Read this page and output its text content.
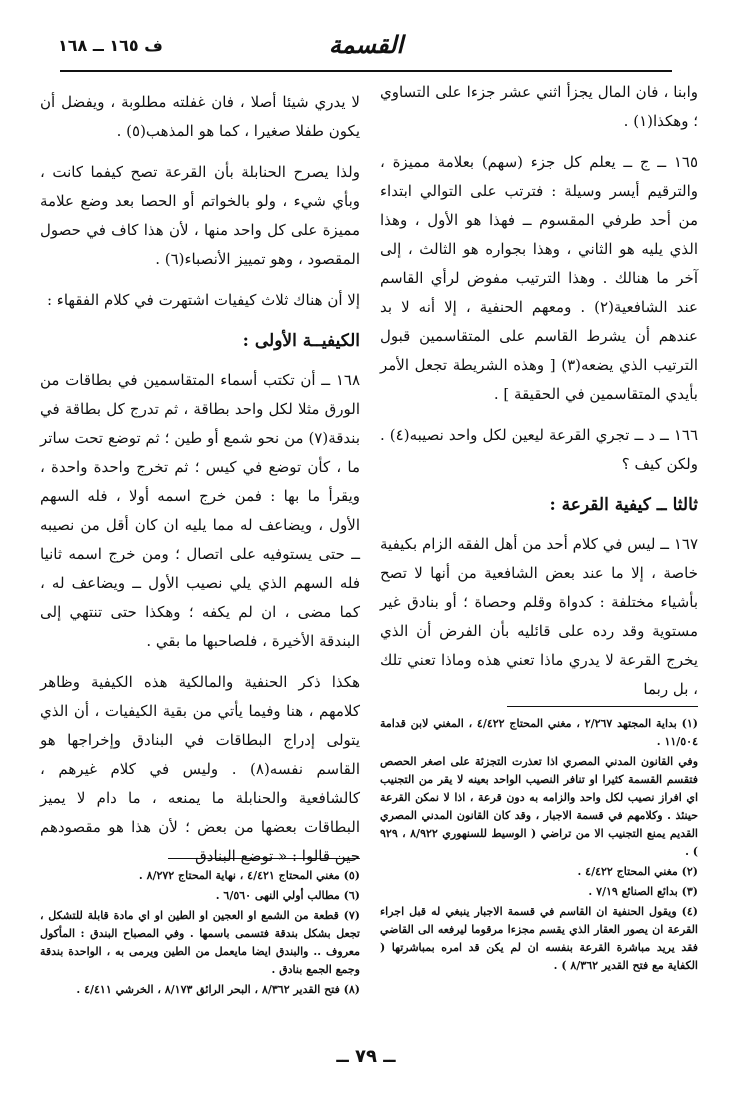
ف ١٦٥ ــ ١٦٨	القسمة

وابنا ، فان المال يجزأ اثني عشر جزءا على التساوي ؛ وهكذا(١) .

١٦٥ ــ ج ــ يعلم كل جزء (سهم) بعلامة مميزة ، والترقيم أيسر وسيلة : فترتب على التوالي ابتداء من أحد طرفي المقسوم ــ فهذا هو الأول ، وهذا الذي يليه هو الثاني ، وهذا بجواره هو الثالث ، إلى آخر ما هنالك . وهذا الترتيب مفوض لرأي القاسم عند الشافعية(٢) . ومعهم الحنفية ، إلا أنه لا بد عندهم أن يشرط القاسم على المتقاسمين قبول الترتيب الذي يضعه(٣) [ وهذه الشريطة تجعل الأمر بأيدي المتقاسمين في الحقيقة ] .

١٦٦ ــ د ــ تجري القرعة ليعين لكل واحد نصيبه(٤) . ولكن كيف ؟

ثالثا ــ كيفية القرعة :

١٦٧ ــ ليس في كلام أحد من أهل الفقه الزام بكيفية خاصة ، إلا ما عند بعض الشافعية من أنها لا تصح بأشياء مختلفة : كدواة وقلم وحصاة ؛ أو بنادق غير مستوية وقد رده على قائليه بأن الفرض أن الذي يخرج القرعة لا يدري ماذا تعني هذه وماذا تعني تلك ، بل ربما

(١) بداية المجتهد ٢/٢٦٧ ، مغني المحتاج ٤/٤٢٢ ، المغني لابن قدامة ١١/٥٠٤ .

وفي القانون المدني المصري اذا تعذرت التجزئة على اصغر الحصص فتقسم القسمة كثيرا او تنافر النصيب الواحد بعينه لا يقر من التجنيب اي افراز نصيب لكل واحد والزامه به دون قرعة ، اذا لا نمكن القرعة حينئذ . وكلامهم في قسمة الاجبار ، وقد كان القانون المدني المصري القديم يمنع التجنيب الا من تراضي ( الوسيط للسنهوري ٨/٩٢٢ ، ٩٢٩ ) .

(٢) مغني المحتاج ٤/٤٢٢ .

(٣) بدائع الصنائع ٧/١٩ .

(٤) ويقول الحنفية ان القاسم في قسمة الاجبار ينبغي له قبل اجراء القرعة ان يصور العقار الذي يقسم مجزءا مرقوما ليرفعه الى القاضي فقد يريد مباشرة القرعة بنفسه ان لم يكن قد امره بمباشرتها ( الكفاية مع فتح القدير ٨/٣٦٢ ) .

لا يدري شيئا أصلا ، فان غفلته مطلوبة ، ويفضل أن يكون طفلا صغيرا ، كما هو المذهب(٥) .

ولذا يصرح الحنابلة بأن القرعة تصح كيفما كانت ، وبأي شيء ، ولو بالخواتم أو الحصا بعد وضع علامة مميزة على كل واحد منها ، لأن هذا كاف في حصول المقصود ، وهو تمييز الأنصباء(٦) .

إلا أن هناك ثلاث كيفيات اشتهرت في كلام الفقهاء :

الكيفيــة الأولى :

١٦٨ ــ أن تكتب أسماء المتقاسمين في بطاقات من الورق مثلا لكل واحد بطاقة ، ثم تدرج كل بطاقة في بندقة(٧) من نحو شمع أو طين ؛ ثم توضع تحت ساتر ما ، كأن توضع في كيس ؛ ثم تخرج واحدة واحدة ، ويقرأ ما بها : فمن خرج اسمه أولا ، فله السهم الأول ، ويضاعف له مما يليه ان كان أقل من نصيبه ــ حتى يستوفيه على اتصال ؛ ومن خرج اسمه ثانيا فله السهم الذي يلي نصيب الأول ــ ويضاعف له ، كما مضى ، ان لم يكفه ؛ وهكذا حتى تنتهي إلى البندقة الأخيرة ، فلصاحبها ما بقي .

هكذا ذكر الحنفية والمالكية هذه الكيفية وظاهر كلامهم ، هنا وفيما يأتي من بقية الكيفيات ، أن الذي يتولى إدراج البطاقات في البنادق وإخراجها هو القاسم نفسه(٨) . وليس في كلام غيرهم ، كالشافعية والحنابلة ما يمنعه ، ما دام لا يميز البطاقات بعضها من بعض ؛ لأن هذا هو مقصودهم حين قالوا : « توضع البنادق

(٥) مغني المحتاج ٤/٤٢١ ، نهاية المحتاج ٨/٢٧٢ .

(٦) مطالب أولي النهى ٦/٥٦٠ .

(٧) قطعة من الشمع او العجين او الطين او اي مادة قابلة للتشكل ، تجعل بشكل بندقة فتسمى باسمها . وفي المصباح البندق : المأكول معروف .. والبندق ايضا مايعمل من الطين ويرمى به ، الواحدة بندقة وجمع الجمع بنادق .

(٨) فتح القدير ٨/٣٦٢ ، البحر الرائق ٨/١٧٣ ، الخرشي ٤/٤١١ .

ــ ٧٩ ــ
